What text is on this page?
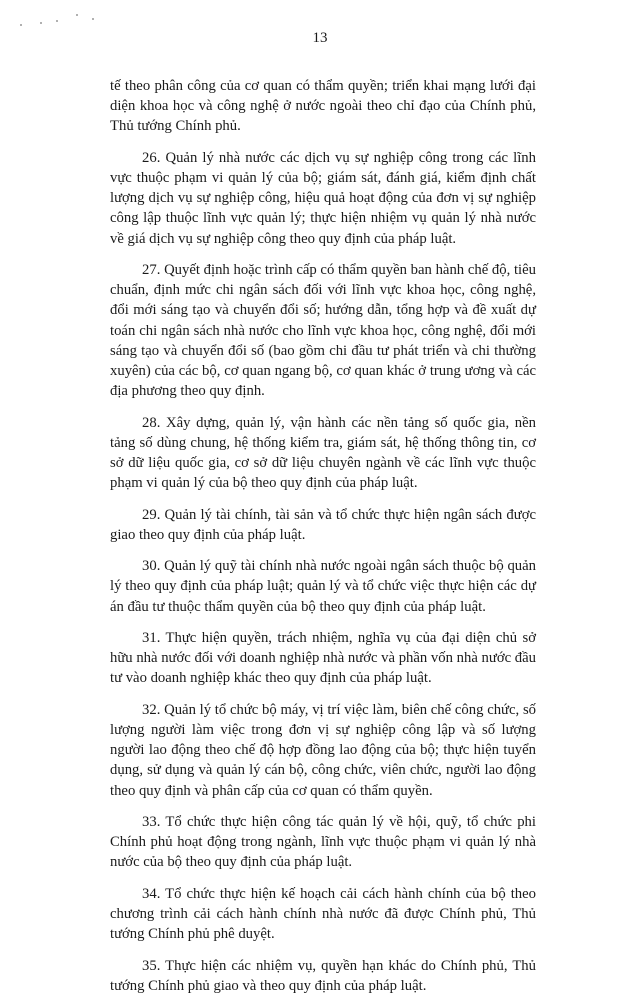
13

tế theo phân công của cơ quan có thẩm quyền; triển khai mạng lưới đại diện khoa học và công nghệ ở nước ngoài theo chỉ đạo của Chính phủ, Thủ tướng Chính phủ.

26. Quản lý nhà nước các dịch vụ sự nghiệp công trong các lĩnh vực thuộc phạm vi quản lý của bộ; giám sát, đánh giá, kiểm định chất lượng dịch vụ sự nghiệp công, hiệu quả hoạt động của đơn vị sự nghiệp công lập thuộc lĩnh vực quản lý; thực hiện nhiệm vụ quản lý nhà nước về giá dịch vụ sự nghiệp công theo quy định của pháp luật.

27. Quyết định hoặc trình cấp có thẩm quyền ban hành chế độ, tiêu chuẩn, định mức chi ngân sách đối với lĩnh vực khoa học, công nghệ, đổi mới sáng tạo và chuyển đổi số; hướng dẫn, tổng hợp và đề xuất dự toán chi ngân sách nhà nước cho lĩnh vực khoa học, công nghệ, đổi mới sáng tạo và chuyển đổi số (bao gồm chi đầu tư phát triển và chi thường xuyên) của các bộ, cơ quan ngang bộ, cơ quan khác ở trung ương và các địa phương theo quy định.

28. Xây dựng, quản lý, vận hành các nền tảng số quốc gia, nền tảng số dùng chung, hệ thống kiểm tra, giám sát, hệ thống thông tin, cơ sở dữ liệu quốc gia, cơ sở dữ liệu chuyên ngành về các lĩnh vực thuộc phạm vi quản lý của bộ theo quy định của pháp luật.

29. Quản lý tài chính, tài sản và tổ chức thực hiện ngân sách được giao theo quy định của pháp luật.

30. Quản lý quỹ tài chính nhà nước ngoài ngân sách thuộc bộ quản lý theo quy định của pháp luật; quản lý và tổ chức việc thực hiện các dự án đầu tư thuộc thẩm quyền của bộ theo quy định của pháp luật.

31. Thực hiện quyền, trách nhiệm, nghĩa vụ của đại diện chủ sở hữu nhà nước đối với doanh nghiệp nhà nước và phần vốn nhà nước đầu tư vào doanh nghiệp khác theo quy định của pháp luật.

32. Quản lý tổ chức bộ máy, vị trí việc làm, biên chế công chức, số lượng người làm việc trong đơn vị sự nghiệp công lập và số lượng người lao động theo chế độ hợp đồng lao động của bộ; thực hiện tuyển dụng, sử dụng và quản lý cán bộ, công chức, viên chức, người lao động theo quy định và phân cấp của cơ quan có thẩm quyền.

33. Tổ chức thực hiện công tác quản lý về hội, quỹ, tổ chức phi Chính phủ hoạt động trong ngành, lĩnh vực thuộc phạm vi quản lý nhà nước của bộ theo quy định của pháp luật.

34. Tổ chức thực hiện kế hoạch cải cách hành chính của bộ theo chương trình cải cách hành chính nhà nước đã được Chính phủ, Thủ tướng Chính phủ phê duyệt.

35. Thực hiện các nhiệm vụ, quyền hạn khác do Chính phủ, Thủ tướng Chính phủ giao và theo quy định của pháp luật.
